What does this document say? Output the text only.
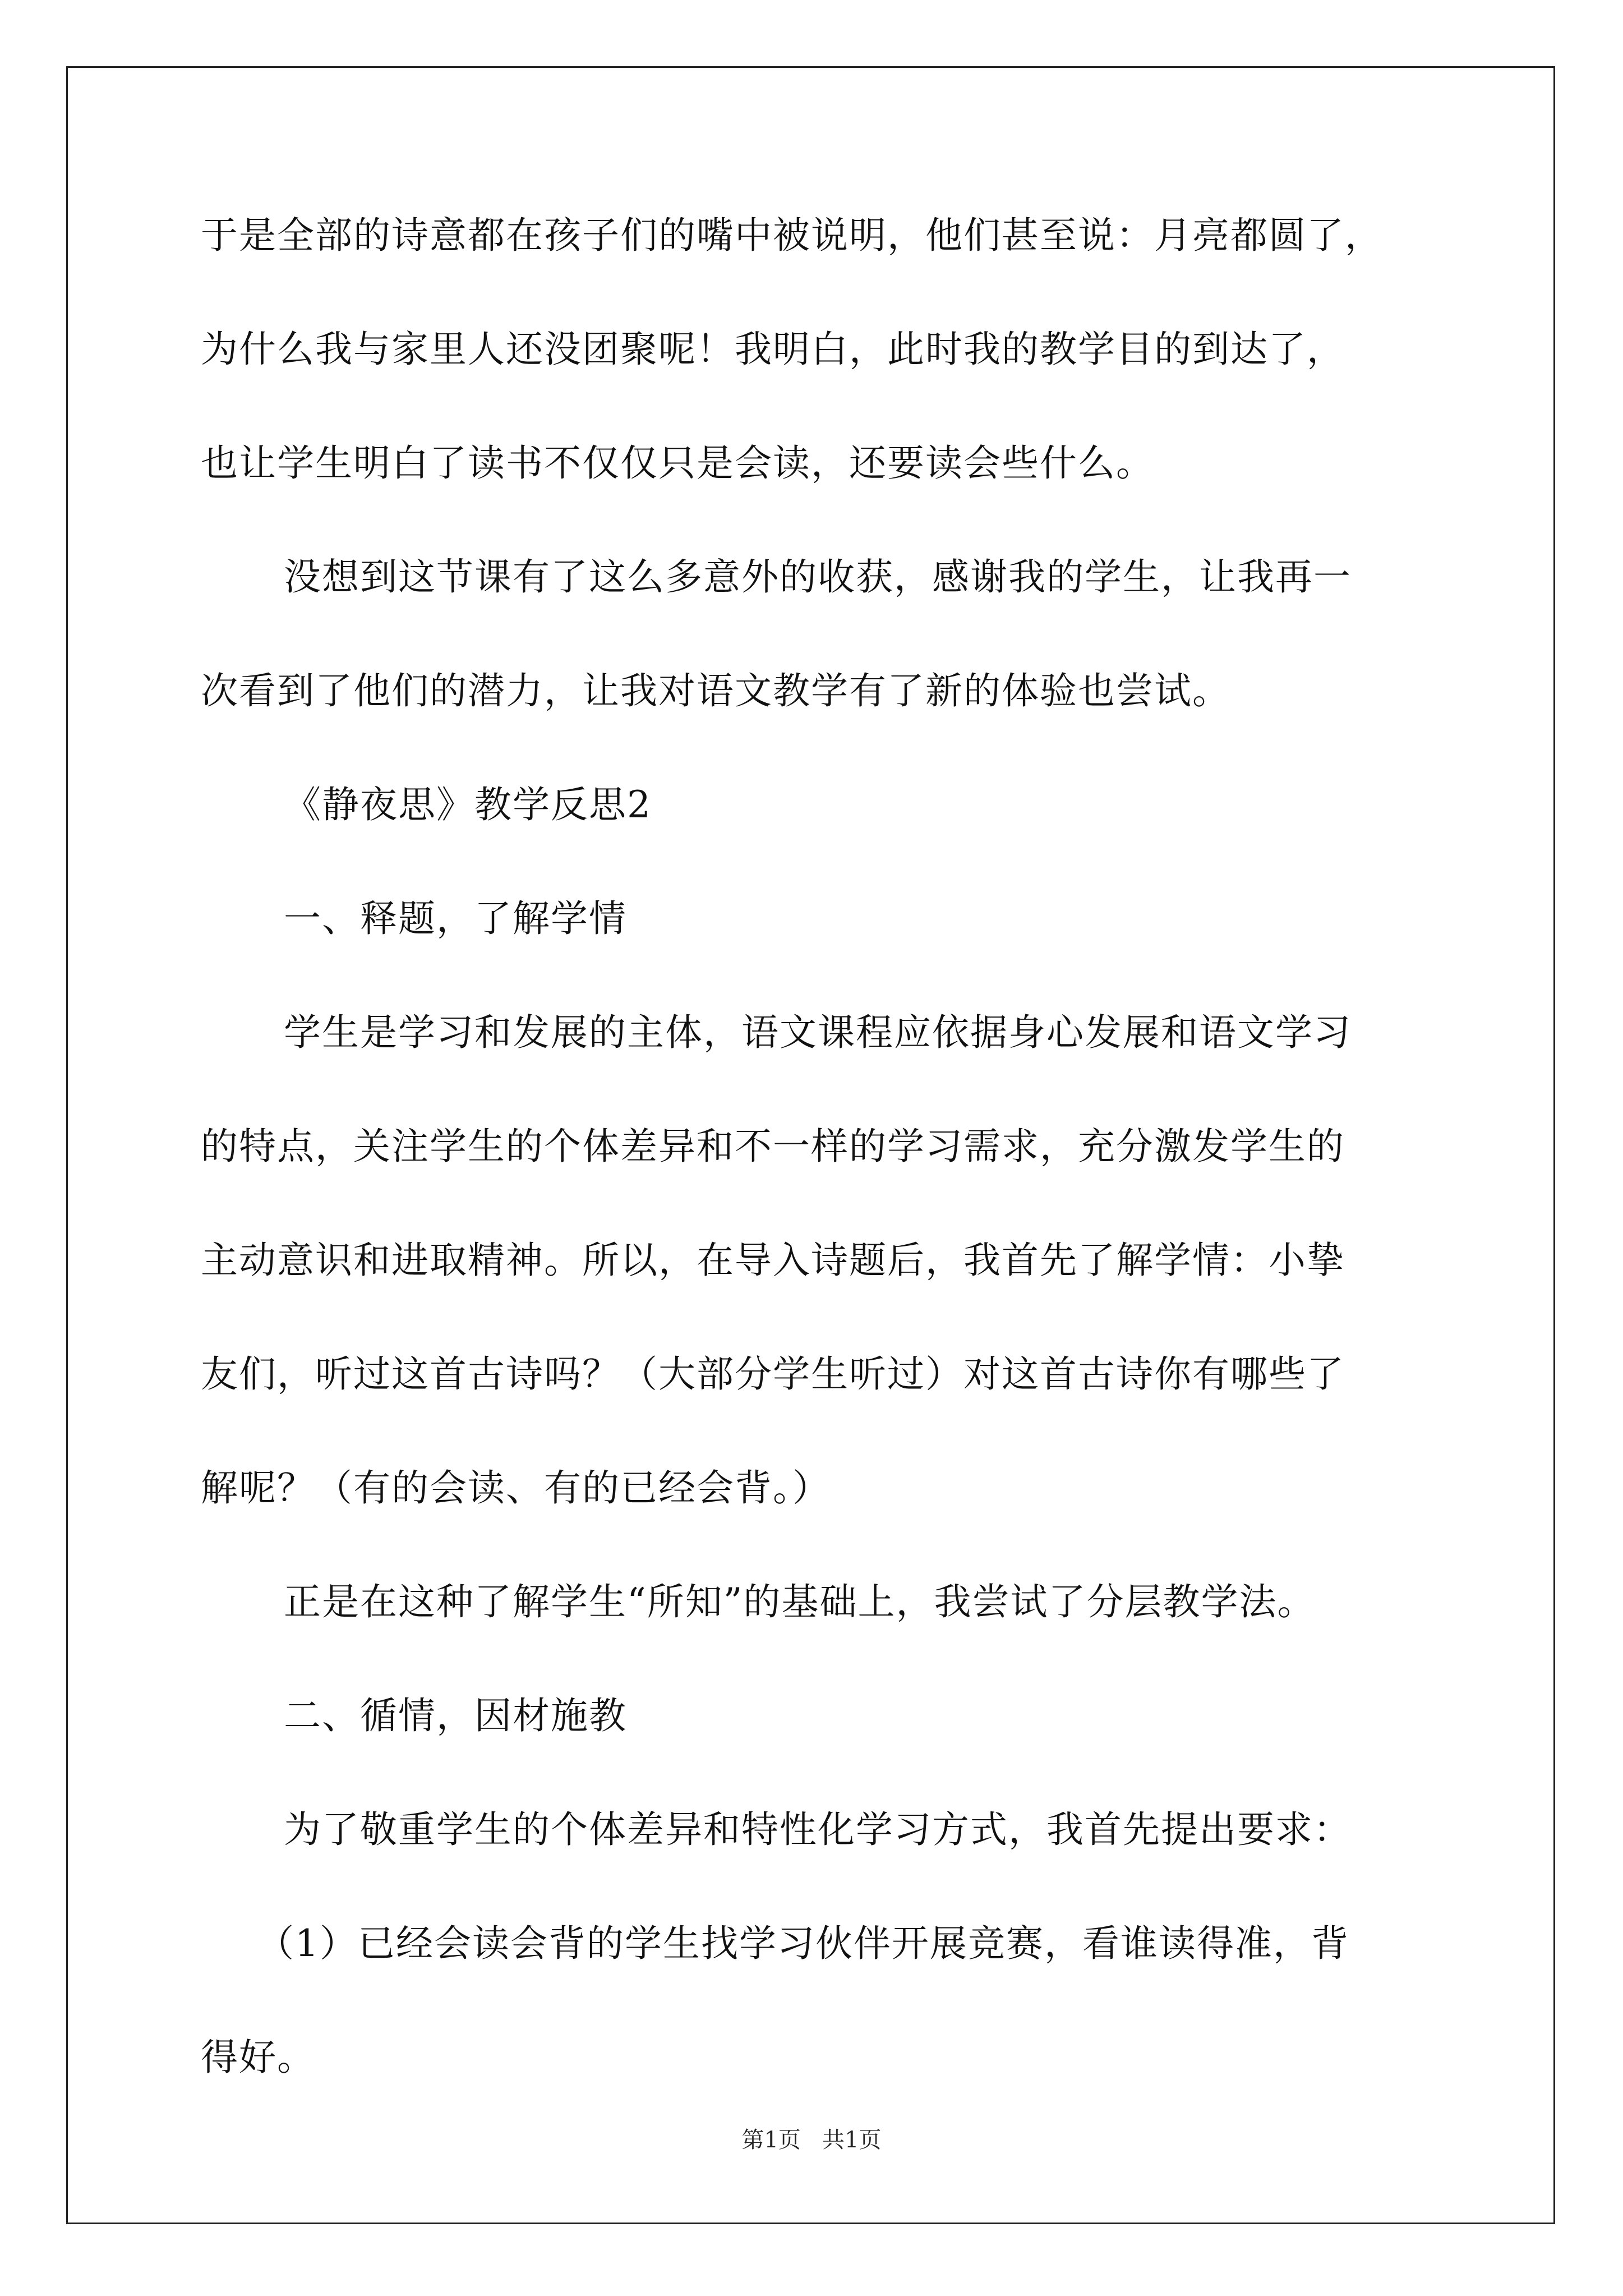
于是全部的诗意都在孩子们的嘴中被说明，他们甚至说：月亮都圆了，
为什么我与家里人还没团聚呢！我明白，此时我的教学目的到达了，
也让学生明白了读书不仅仅只是会读，还要读会些什么。
没想到这节课有了这么多意外的收获，感谢我的学生，让我再一
次看到了他们的潜力，让我对语文教学有了新的体验也尝试。
《静夜思》教学反思2
一、释题，了解学情
学生是学习和发展的主体，语文课程应依据身心发展和语文学习
的特点，关注学生的个体差异和不一样的学习需求，充分激发学生的
主动意识和进取精神。所以，在导入诗题后，我首先了解学情：小挚
友们，听过这首古诗吗？（大部分学生听过）对这首古诗你有哪些了
解呢？（有的会读、有的已经会背。）
正是在这种了解学生“所知”的基础上，我尝试了分层教学法。
二、循情，因材施教
为了敬重学生的个体差异和特性化学习方式，我首先提出要求：
（1）已经会读会背的学生找学习伙伴开展竞赛，看谁读得准，背
得好。
第1页   共1页
